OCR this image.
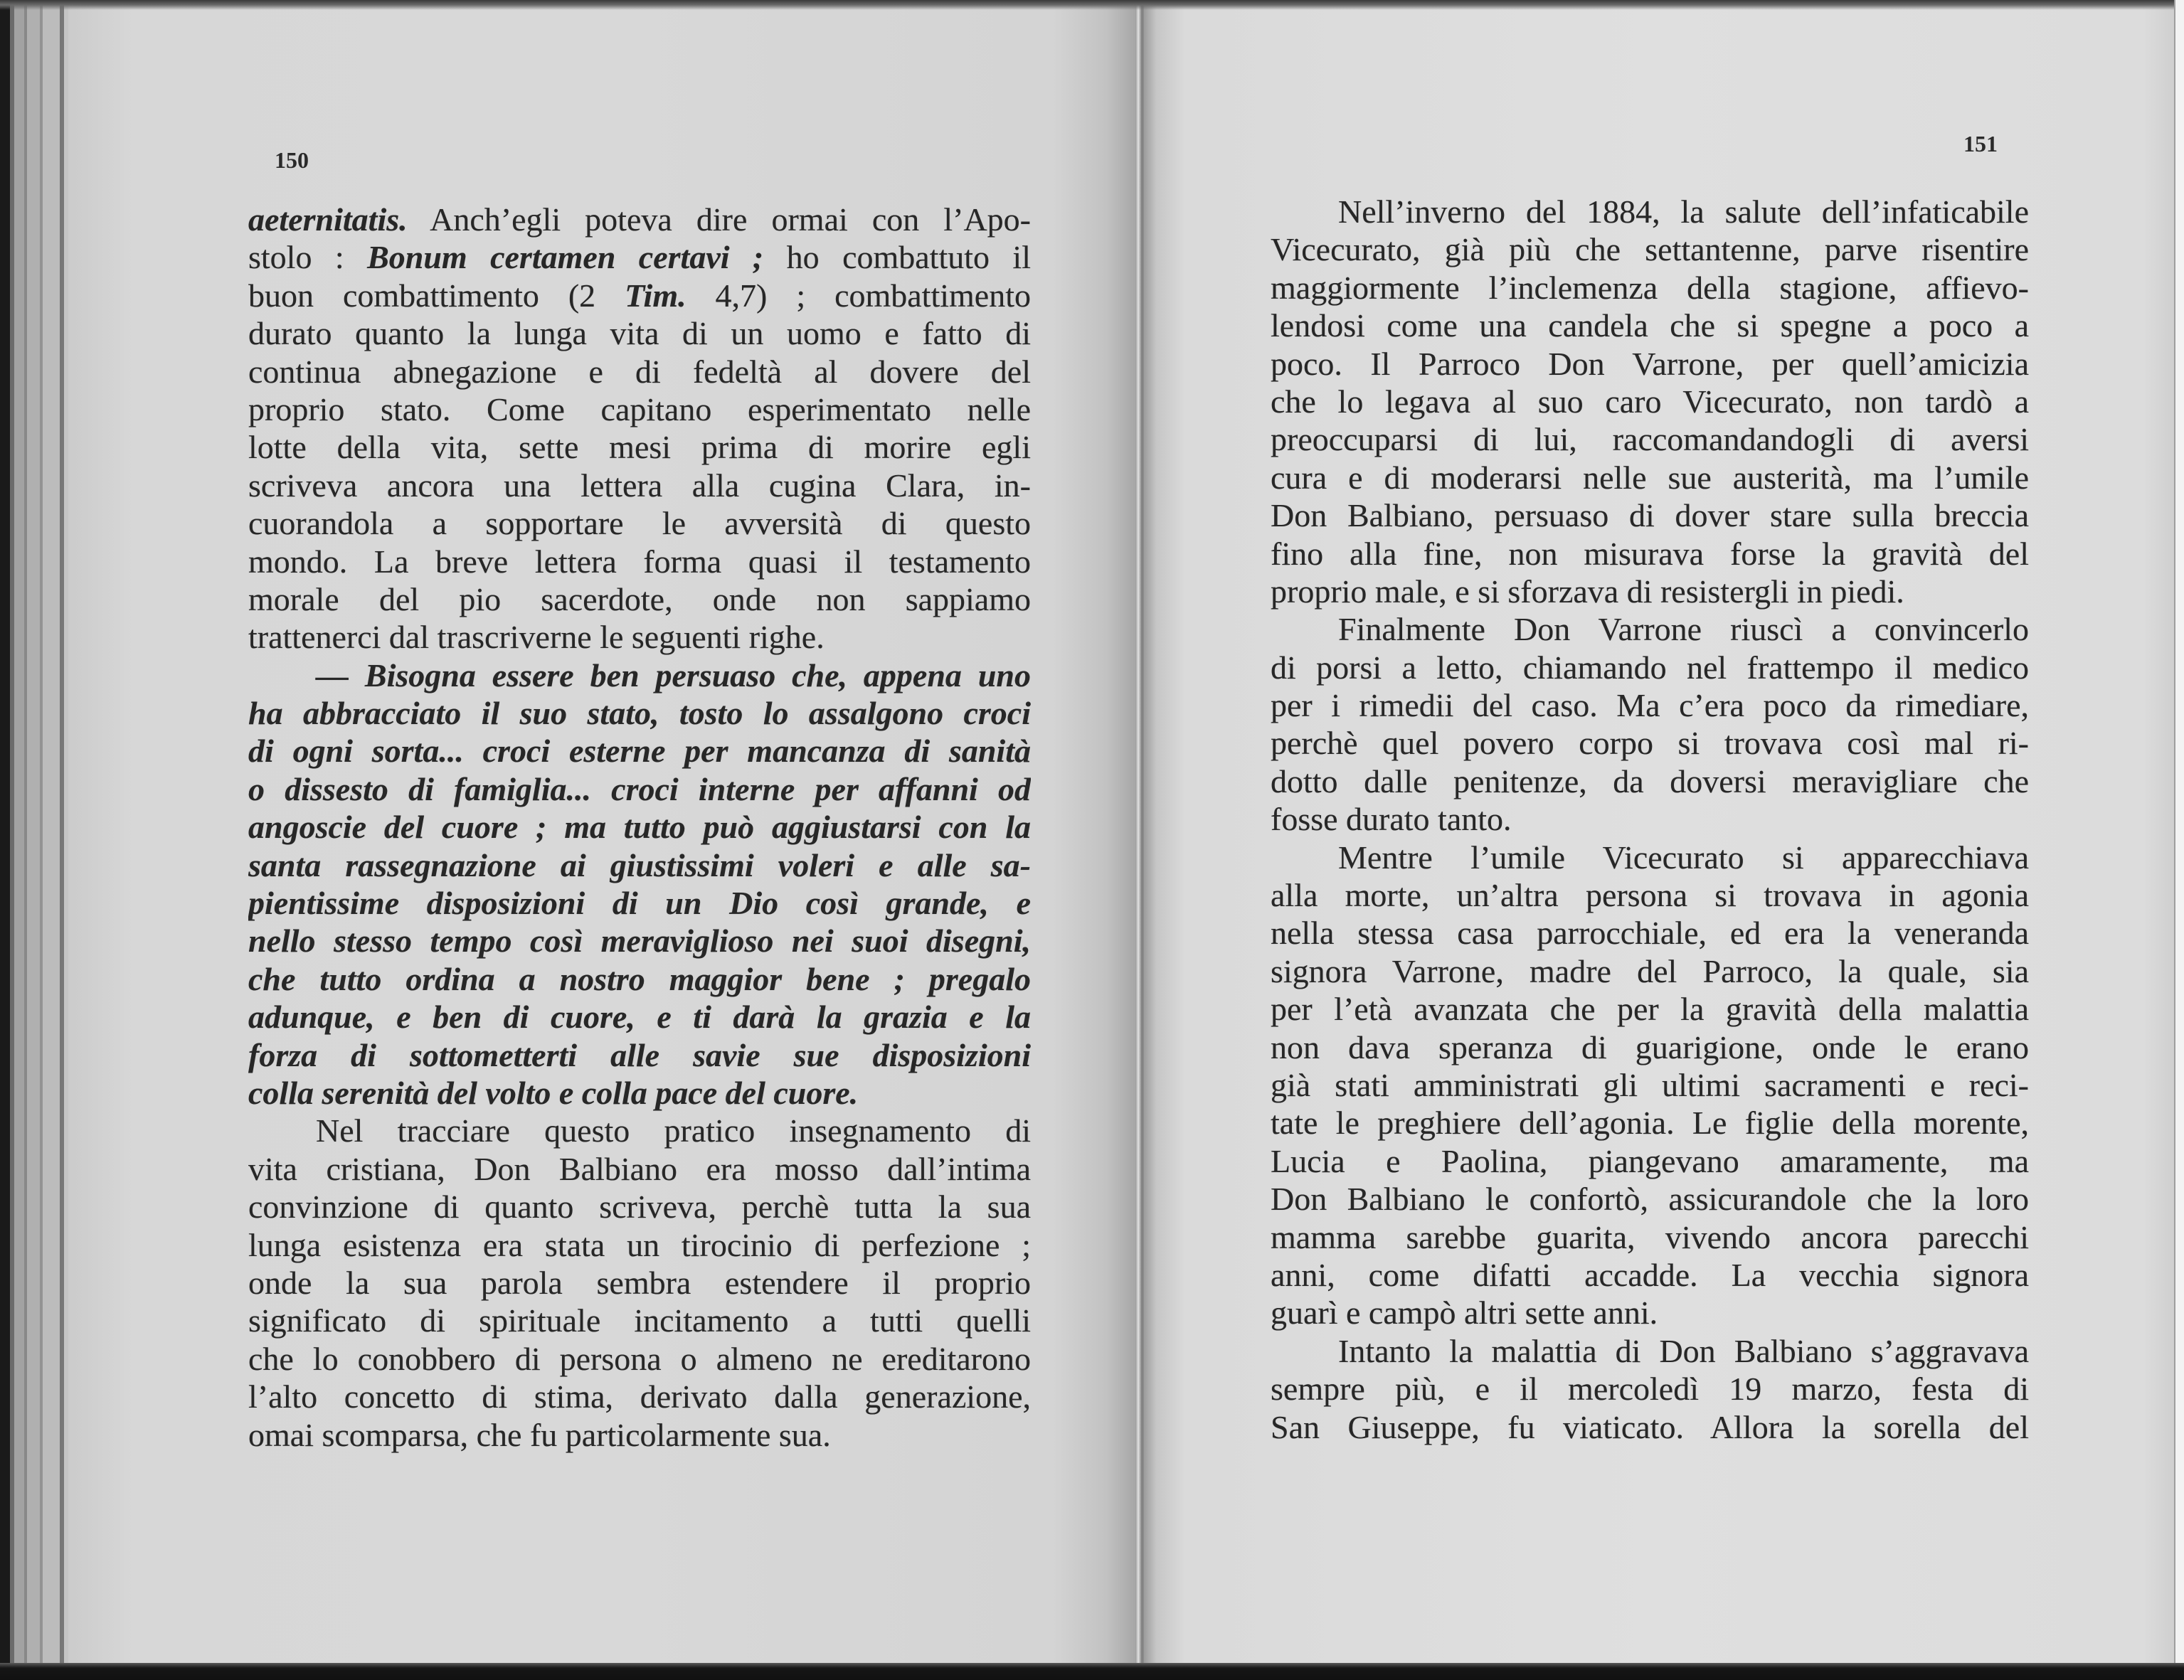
150
aeternitatis. Anch’egli poteva dire ormai con l’Apo-
stolo : Bonum certamen certavi ; ho combattuto il
buon combattimento (2 Tim. 4,7) ; combattimento
durato quanto la lunga vita di un uomo e fatto di
continua abnegazione e di fedeltà al dovere del
proprio stato. Come capitano esperimentato nelle
lotte della vita, sette mesi prima di morire egli
scriveva ancora una lettera alla cugina Clara, in-
cuorandola a sopportare le avversità di questo
mondo. La breve lettera forma quasi il testamento
morale del pio sacerdote, onde non sappiamo
trattenerci dal trascriverne le seguenti righe.
— Bisogna essere ben persuaso che, appena uno
ha abbracciato il suo stato, tosto lo assalgono croci
di ogni sorta... croci esterne per mancanza di sanità
o dissesto di famiglia... croci interne per affanni od
angoscie del cuore ; ma tutto può aggiustarsi con la
santa rassegnazione ai giustissimi voleri e alle sa-
pientissime disposizioni di un Dio così grande, e
nello stesso tempo così meraviglioso nei suoi disegni,
che tutto ordina a nostro maggior bene ; pregalo
adunque, e ben di cuore, e ti darà la grazia e la
forza di sottometterti alle savie sue disposizioni
colla serenità del volto e colla pace del cuore.
Nel tracciare questo pratico insegnamento di
vita cristiana, Don Balbiano era mosso dall’intima
convinzione di quanto scriveva, perchè tutta la sua
lunga esistenza era stata un tirocinio di perfezione ;
onde la sua parola sembra estendere il proprio
significato di spirituale incitamento a tutti quelli
che lo conobbero di persona o almeno ne ereditarono
l’alto concetto di stima, derivato dalla generazione,
omai scomparsa, che fu particolarmente sua.
151
Nell’inverno del 1884, la salute dell’infaticabile
Vicecurato, già più che settantenne, parve risentire
maggiormente l’inclemenza della stagione, affievo-
lendosi come una candela che si spegne a poco a
poco. Il Parroco Don Varrone, per quell’amicizia
che lo legava al suo caro Vicecurato, non tardò a
preoccuparsi di lui, raccomandandogli di aversi
cura e di moderarsi nelle sue austerità, ma l’umile
Don Balbiano, persuaso di dover stare sulla breccia
fino alla fine, non misurava forse la gravità del
proprio male, e si sforzava di resistergli in piedi.
Finalmente Don Varrone riuscì a convincerlo
di porsi a letto, chiamando nel frattempo il medico
per i rimedii del caso. Ma c’era poco da rimediare,
perchè quel povero corpo si trovava così mal ri-
dotto dalle penitenze, da doversi meravigliare che
fosse durato tanto.
Mentre l’umile Vicecurato si apparecchiava
alla morte, un’altra persona si trovava in agonia
nella stessa casa parrocchiale, ed era la veneranda
signora Varrone, madre del Parroco, la quale, sia
per l’età avanzata che per la gravità della malattia
non dava speranza di guarigione, onde le erano
già stati amministrati gli ultimi sacramenti e reci-
tate le preghiere dell’agonia. Le figlie della morente,
Lucia e Paolina, piangevano amaramente, ma
Don Balbiano le confortò, assicurandole che la loro
mamma sarebbe guarita, vivendo ancora parecchi
anni, come difatti accadde. La vecchia signora
guarì e campò altri sette anni.
Intanto la malattia di Don Balbiano s’aggravava
sempre più, e il mercoledì 19 marzo, festa di
San Giuseppe, fu viaticato. Allora la sorella del
